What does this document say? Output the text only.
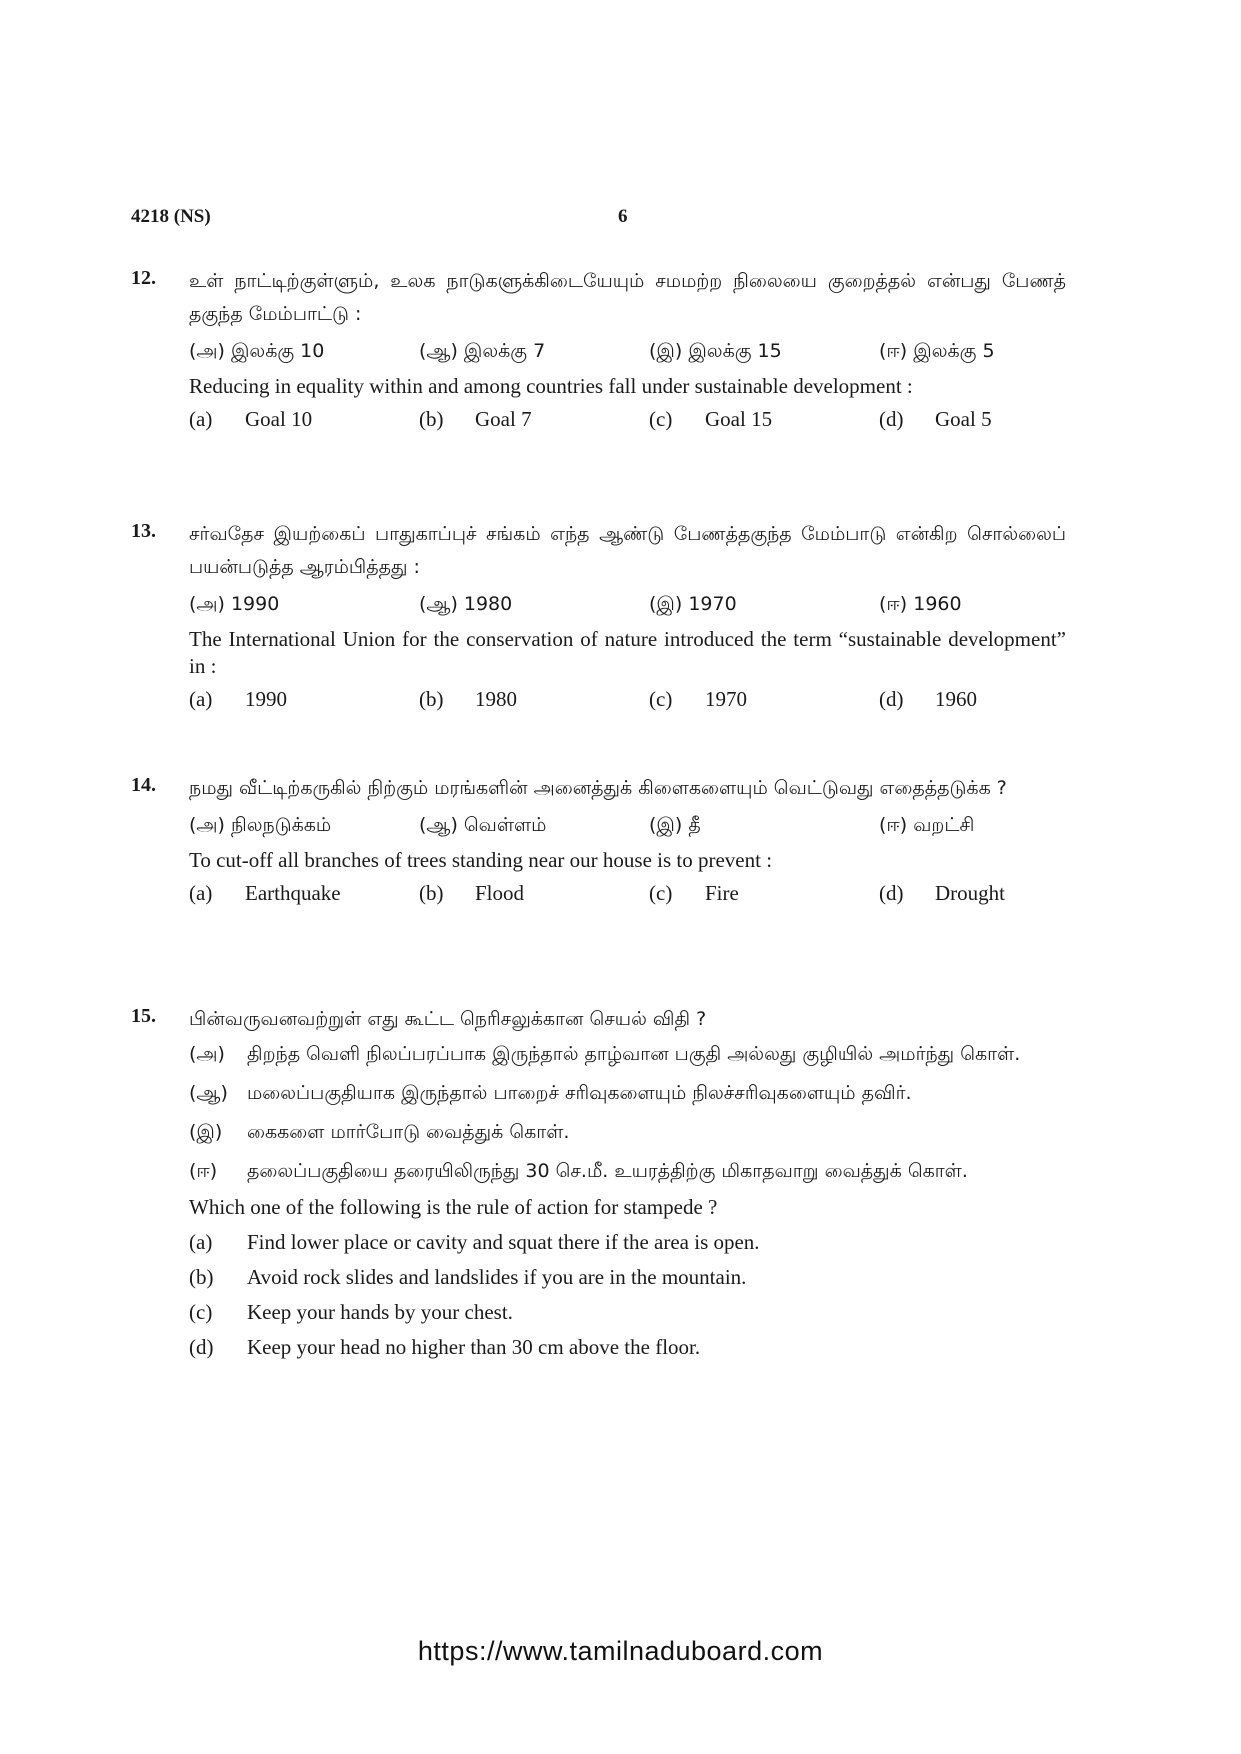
4218 (NS)	6
12. உள் நாட்டிற்குள்ளும், உலக நாடுகளுக்கிடையேயும் சமமற்ற நிலையை குறைத்தல் என்பது பேணத் தகுந்த மேம்பாட்டு :
(அ) இலக்கு 10	(ஆ) இலக்கு 7	(இ) இலக்கு 15	(ஈ) இலக்கு 5
Reducing in equality within and among countries fall under sustainable development :
(a) Goal 10	(b) Goal 7	(c) Goal 15	(d) Goal 5
13. சர்வதேச இயற்கைப் பாதுகாப்புச் சங்கம் எந்த ஆண்டு பேணத்தகுந்த மேம்பாடு என்கிற சொல்லைப் பயன்படுத்த ஆரம்பித்தது :
(அ) 1990	(ஆ) 1980	(இ) 1970	(ஈ) 1960
The International Union for the conservation of nature introduced the term “sustainable development” in :
(a) 1990	(b) 1980	(c) 1970	(d) 1960
14. நமது வீட்டிற்கருகில் நிற்கும் மரங்களின் அனைத்துக் கிளைகளையும் வெட்டுவது எதைத்தடுக்க ?
(அ) நிலநடுக்கம்	(ஆ) வெள்ளம்	(இ) தீ	(ஈ) வறட்சி
To cut-off all branches of trees standing near our house is to prevent :
(a) Earthquake	(b) Flood	(c) Fire	(d) Drought
15. பின்வருவனவற்றுள் எது கூட்ட நெரிசலுக்கான செயல் விதி ?
(அ) திறந்த வெளி நிலப்பரப்பாக இருந்தால் தாழ்வான பகுதி அல்லது குழியில் அமர்ந்து கொள்.
(ஆ) மலைப்பகுதியாக இருந்தால் பாறைச் சரிவுகளையும் நிலச்சரிவுகளையும் தவிர்.
(இ) கைகளை மார்போடு வைத்துக் கொள்.
(ஈ) தலைப்பகுதியை தரையிலிருந்து 30 செ.மீ. உயரத்திற்கு மிகாதவாறு வைத்துக் கொள்.
Which one of the following is the rule of action for stampede ?
(a) Find lower place or cavity and squat there if the area is open.
(b) Avoid rock slides and landslides if you are in the mountain.
(c) Keep your hands by your chest.
(d) Keep your head no higher than 30 cm above the floor.
https://www.tamilnaduboard.com
